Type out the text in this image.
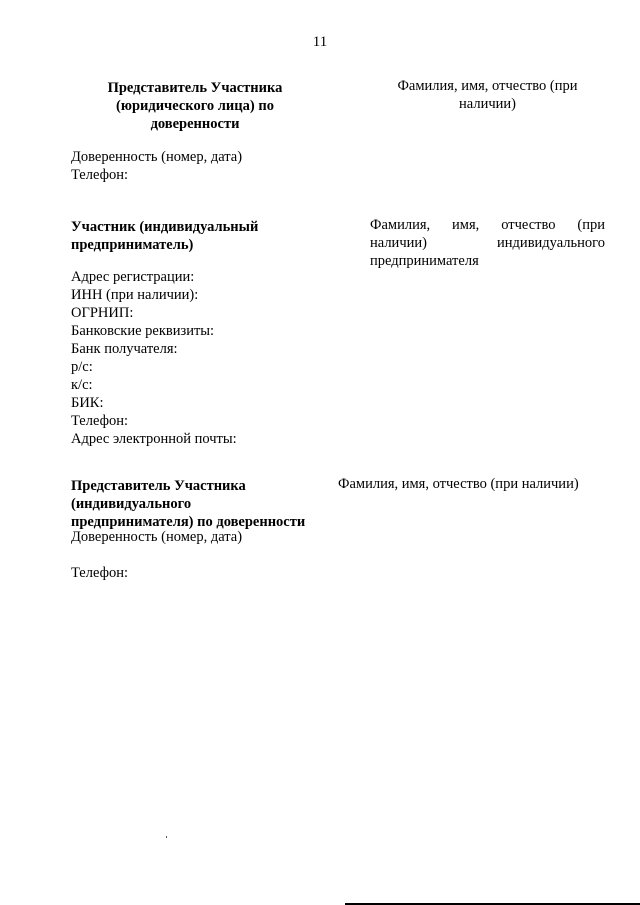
11
Представитель Участника
(юридического лица) по
доверенности
Фамилия, имя, отчество (при
наличии)
Доверенность (номер, дата)
Телефон:
Участник (индивидуальный
предприниматель)
Фамилия, имя, отчество (при
наличии)	индивидуального
предпринимателя
Адрес регистрации:
ИНН (при наличии):
ОГРНИП:
Банковские реквизиты:
Банк получателя:
р/с:
к/с:
БИК:
Телефон:
Адрес электронной почты:
Представитель Участника
(индивидуального
предпринимателя) по доверенности
Фамилия, имя, отчество (при наличии)
Доверенность (номер, дата)
Телефон:
